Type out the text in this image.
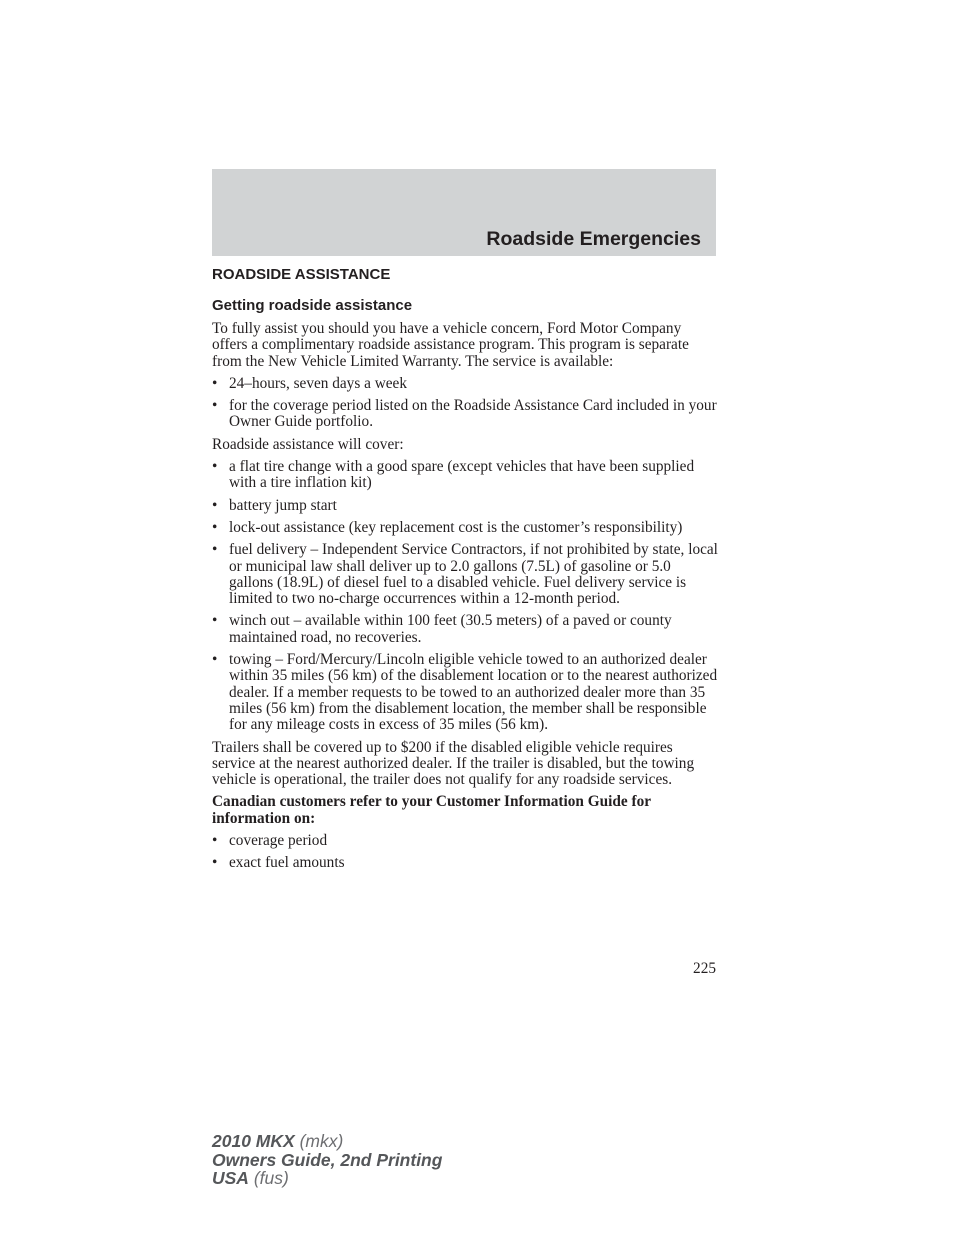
Roadside Emergencies
ROADSIDE ASSISTANCE
Getting roadside assistance

To fully assist you should you have a vehicle concern, Ford Motor Company offers a complimentary roadside assistance program. This program is separate from the New Vehicle Limited Warranty. The service is available:

• 24–hours, seven days a week
• for the coverage period listed on the Roadside Assistance Card included in your Owner Guide portfolio.

Roadside assistance will cover:

• a flat tire change with a good spare (except vehicles that have been supplied with a tire inflation kit)
• battery jump start
• lock-out assistance (key replacement cost is the customer’s responsibility)
• fuel delivery – Independent Service Contractors, if not prohibited by state, local or municipal law shall deliver up to 2.0 gallons (7.5L) of gasoline or 5.0 gallons (18.9L) of diesel fuel to a disabled vehicle. Fuel delivery service is limited to two no-charge occurrences within a 12-month period.
• winch out – available within 100 feet (30.5 meters) of a paved or county maintained road, no recoveries.
• towing – Ford/Mercury/Lincoln eligible vehicle towed to an authorized dealer within 35 miles (56 km) of the disablement location or to the nearest authorized dealer. If a member requests to be towed to an authorized dealer more than 35 miles (56 km) from the disablement location, the member shall be responsible for any mileage costs in excess of 35 miles (56 km).

Trailers shall be covered up to $200 if the disabled eligible vehicle requires service at the nearest authorized dealer. If the trailer is disabled, but the towing vehicle is operational, the trailer does not qualify for any roadside services.

Canadian customers refer to your Customer Information Guide for information on:

• coverage period
• exact fuel amounts
225
2010 MKX (mkx)
Owners Guide, 2nd Printing
USA (fus)
